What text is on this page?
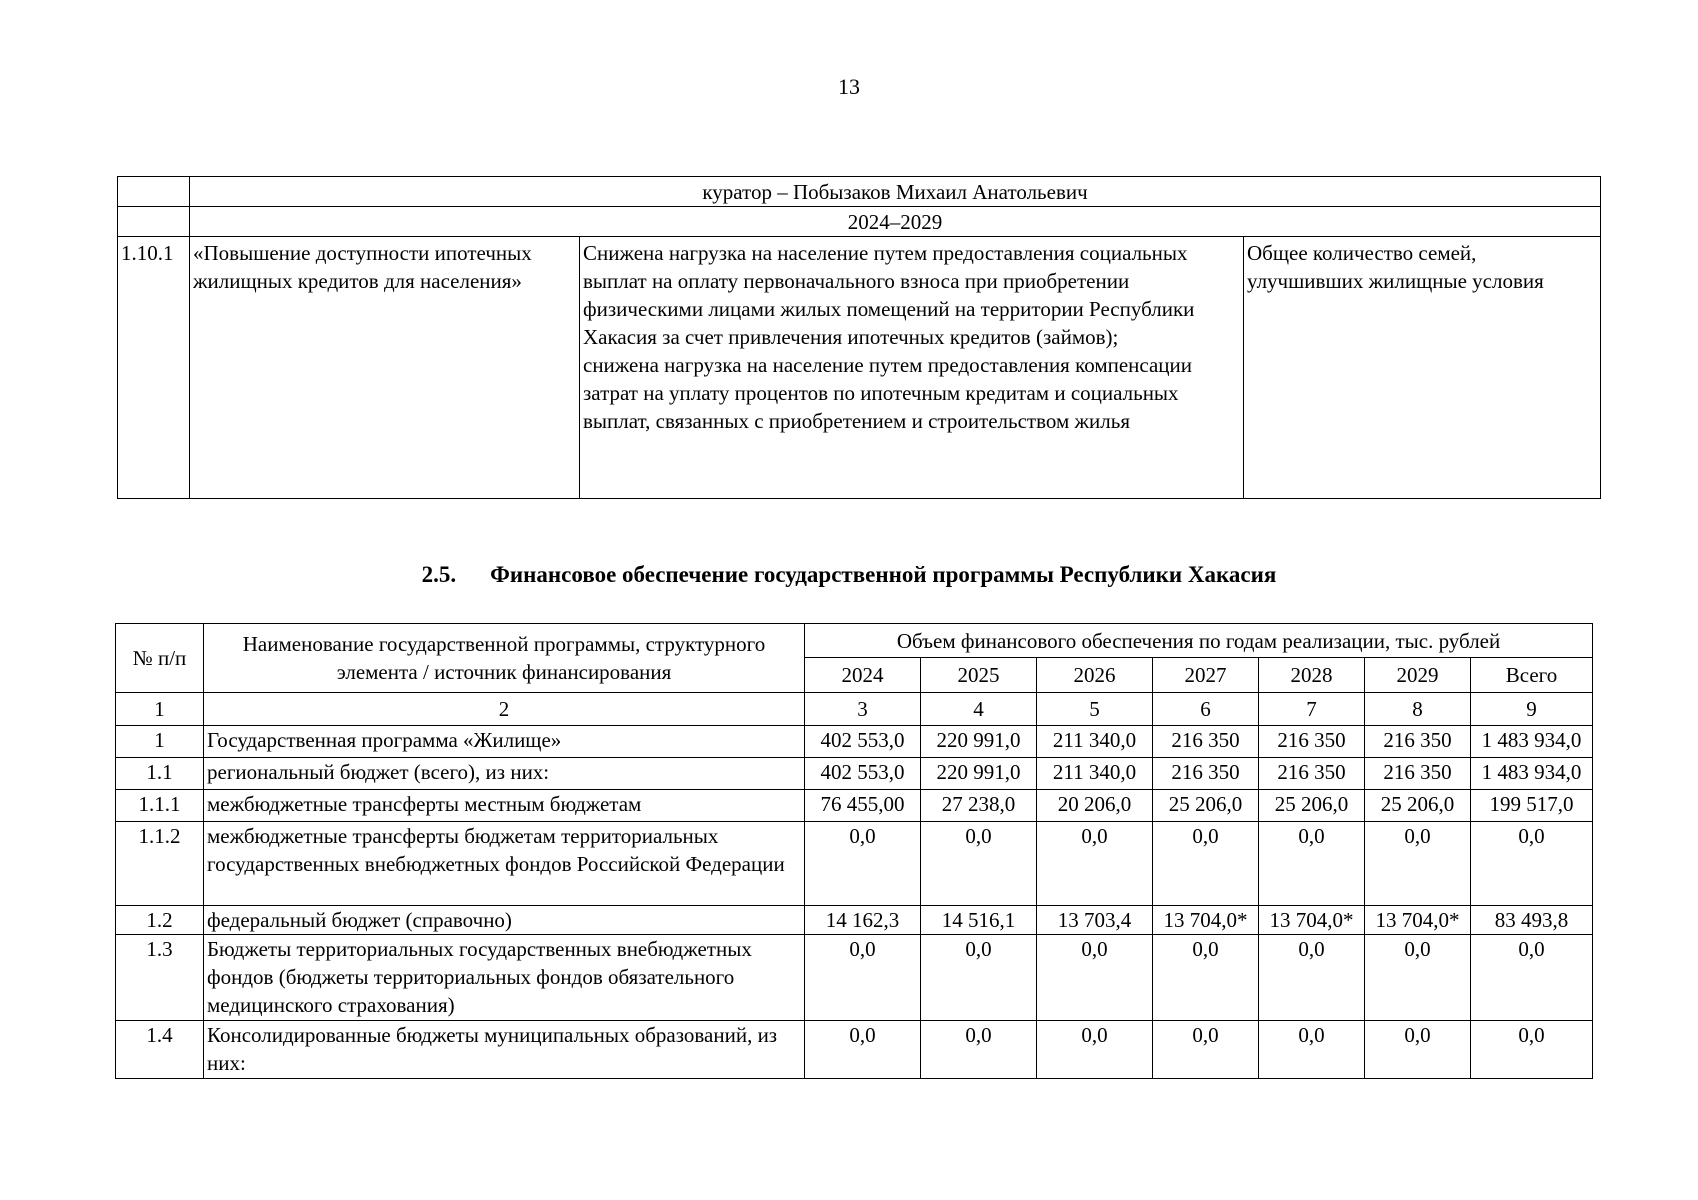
13
	куратор – Побызаков Михаил Анатольевич		
	2024–2029		
1.10.1	«Повышение доступности ипотечных жилищных кредитов для населения»	Снижена нагрузка на население путем предоставления социальных выплат на оплату первоначального взноса при приобретении физическими лицами жилых помещений на территории Республики Хакасия за счет привлечения ипотечных кредитов (займов);
снижена нагрузка на население путем предоставления компенсации затрат на уплату процентов по ипотечным кредитам и социальных выплат, связанных с приобретением и строительством жилья	Общее количество семей, улучшивших жилищные условия
2.5. Финансовое обеспечение государственной программы Республики Хакасия
№ п/п	Наименование государственной программы, структурного элемента / источник финансирования	Объем финансового обеспечения по годам реализации, тыс. рублей						
		2024	2025	2026	2027	2028	2029	Всего
1	2	3	4	5	6	7	8	9
1	Государственная программа «Жилище»	402 553,0	220 991,0	211 340,0	216 350	216 350	216 350	1 483 934,0
1.1	региональный бюджет (всего), из них:	402 553,0	220 991,0	211 340,0	216 350	216 350	216 350	1 483 934,0
1.1.1	межбюджетные трансферты местным бюджетам	76 455,00	27 238,0	20 206,0	25 206,0	25 206,0	25 206,0	199 517,0
1.1.2	межбюджетные трансферты бюджетам территориальных государственных внебюджетных фондов Российской Федерации	0,0	0,0	0,0	0,0	0,0	0,0	0,0
1.2	федеральный бюджет (справочно)	14 162,3	14 516,1	13 703,4	13 704,0*	13 704,0*	13 704,0*	83 493,8
1.3	Бюджеты территориальных государственных внебюджетных фондов (бюджеты территориальных фондов обязательного медицинского страхования)	0,0	0,0	0,0	0,0	0,0	0,0	0,0
1.4	Консолидированные бюджеты муниципальных образований, из них:	0,0	0,0	0,0	0,0	0,0	0,0	0,0
